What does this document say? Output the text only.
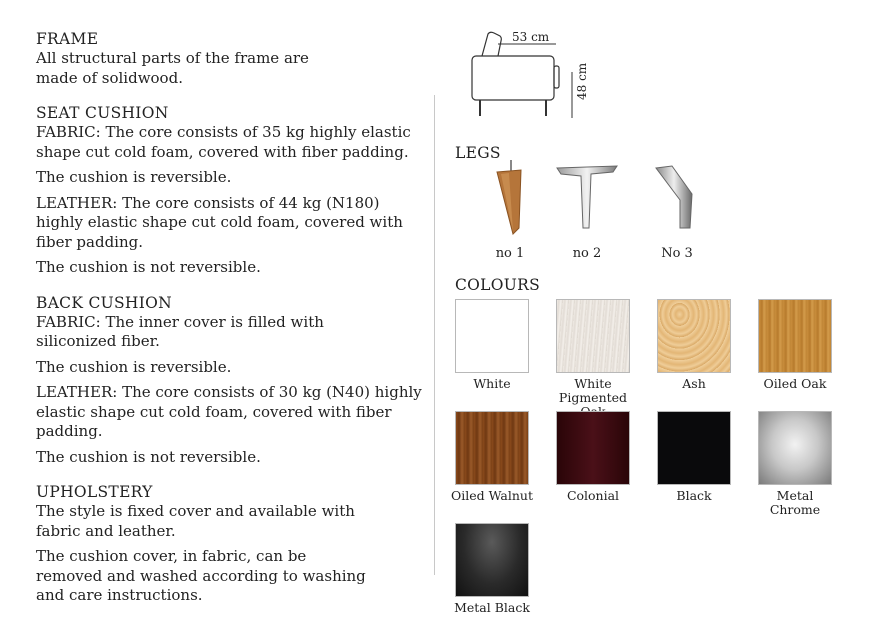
FRAME
All structural parts of the frame are made of solidwood.
SEAT CUSHION
FABRIC: The core consists of 35 kg highly elastic shape cut cold foam, covered with fiber padding.
The cushion is reversible.
LEATHER: The core consists of 44 kg (N180) highly elastic shape cut cold foam, covered with fiber padding.
The cushion is not reversible.
BACK CUSHION
FABRIC: The inner cover is filled with siliconized fiber.
The cushion is reversible.
LEATHER: The core consists of 30 kg (N40) highly elastic shape cut cold foam, covered with fiber padding.
The cushion is not reversible.
UPHOLSTERY
The style is fixed cover and available with fabric and leather.
The cushion cover, in fabric, can be removed and washed according to washing and care instructions.
53 cm
48 cm
LEGS
no 1	no 2	No 3
COLOURS
White	White Pigmented
Ash	Oiled Oak
Oiled Walnut	Colonial	Black	Metal Chrome
Metal Black
